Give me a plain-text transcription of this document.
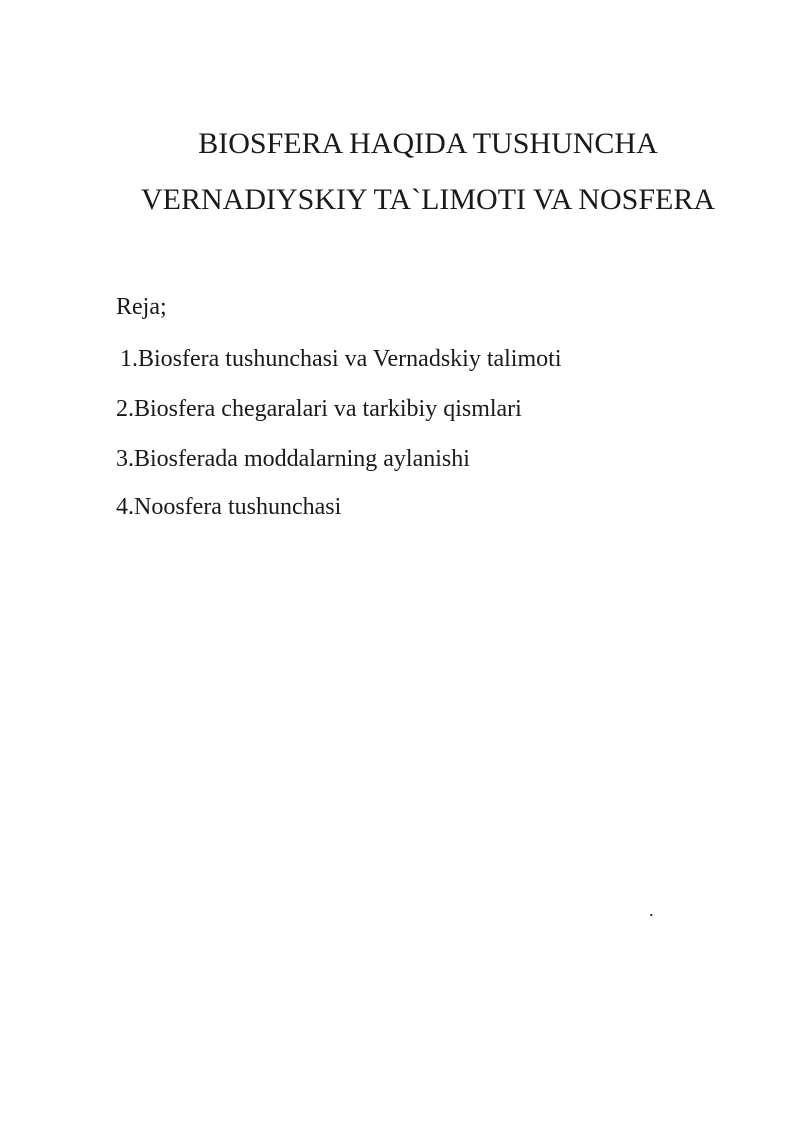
BIOSFERA HAQIDA TUSHUNCHA
VERNADIYSKIY TA`LIMOTI VA NOSFERA
Reja;
1.Biosfera tushunchasi va Vernadskiy talimoti
2.Biosfera chegaralari va tarkibiy qismlari
3.Biosferada moddalarning aylanishi
4.Noosfera tushunchasi
.
